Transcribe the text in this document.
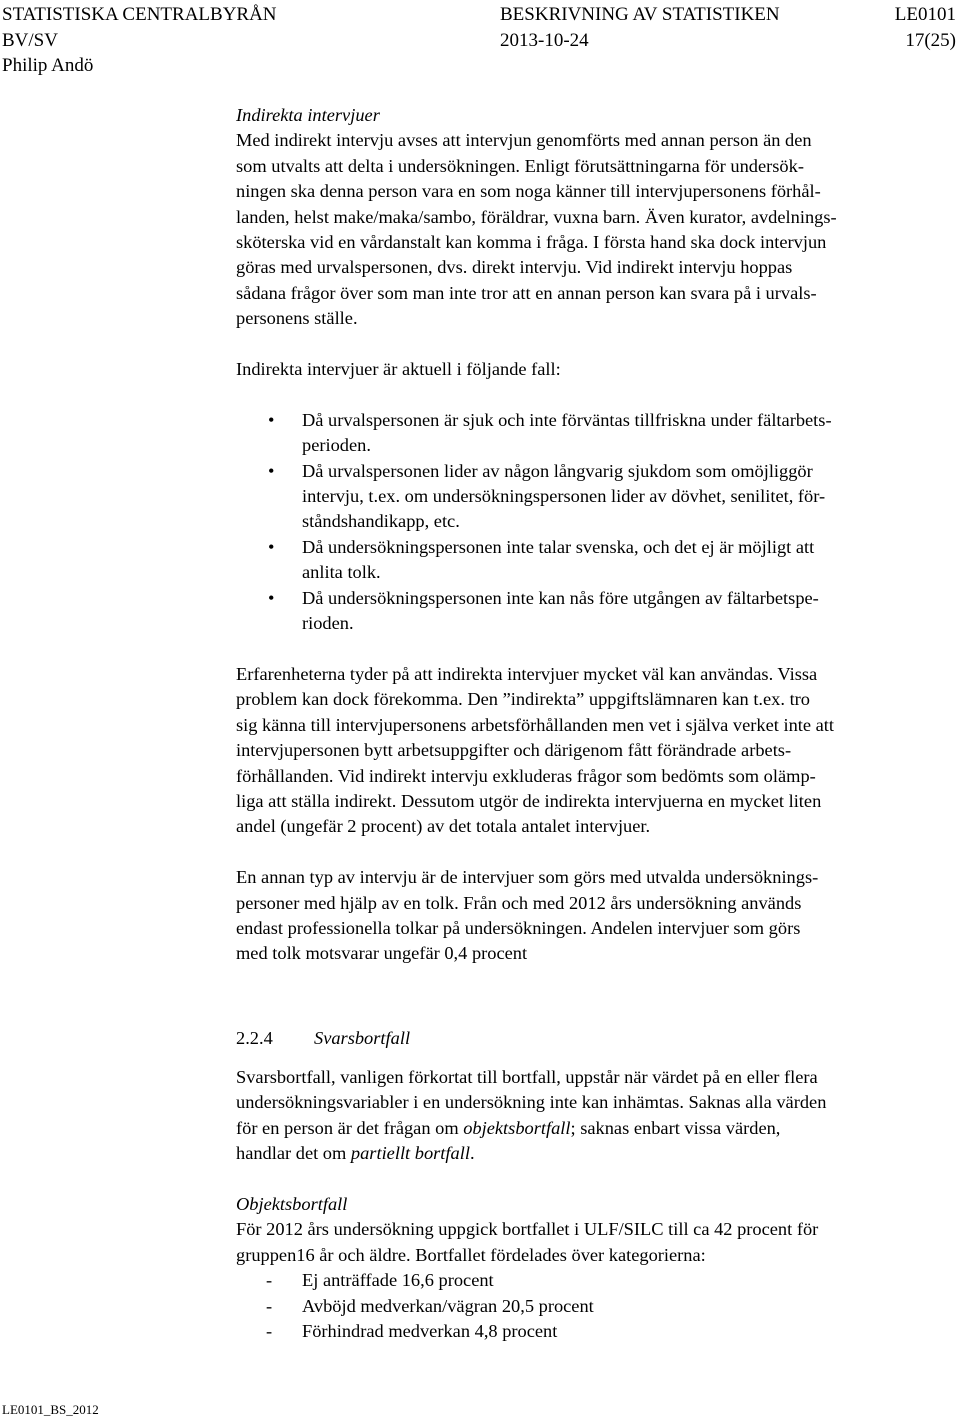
STATISTISKA CENTRALBYRÅN	BESKRIVNING AV STATISTIKEN	LE0101
BV/SV	2013-10-24	17(25)
Philip Andö

Indirekta intervjuer

Med indirekt intervju avses att intervjun genomförts med annan person än den

som utvalts att delta i undersökningen. Enligt förutsättningarna för undersök-

ningen ska denna person vara en som noga känner till intervjupersonens förhål-

landen, helst make/maka/sambo, föräldrar, vuxna barn. Även kurator, avdelnings-

sköterska vid en vårdanstalt kan komma i fråga. I första hand ska dock intervjun

göras med urvalspersonen, dvs. direkt intervju. Vid indirekt intervju hoppas

sådana frågor över som man inte tror att en annan person kan svara på i urvals-

personens ställe.

Indirekta intervjuer är aktuell i följande fall:

• Då urvalspersonen är sjuk och inte förväntas tillfriskna under fältarbets-

perioden.

• Då urvalspersonen lider av någon långvarig sjukdom som omöjliggör

intervju, t.ex. om undersökningspersonen lider av dövhet, senilitet, för-

ståndshandikapp, etc.

• Då undersökningspersonen inte talar svenska, och det ej är möjligt att

anlita tolk.

• Då undersökningspersonen inte kan nås före utgången av fältarbetspe-

rioden.

Erfarenheterna tyder på att indirekta intervjuer mycket väl kan användas. Vissa

problem kan dock förekomma. Den ”indirekta” uppgiftslämnaren kan t.ex. tro

sig känna till intervjupersonens arbetsförhållanden men vet i själva verket inte att

intervjupersonen bytt arbetsuppgifter och därigenom fått förändrade arbets-

förhållanden. Vid indirekt intervju exkluderas frågor som bedömts som olämp-

liga att ställa indirekt. Dessutom utgör de indirekta intervjuerna en mycket liten

andel (ungefär 2 procent) av det totala antalet intervjuer.

En annan typ av intervju är de intervjuer som görs med utvalda undersöknings-

personer med hjälp av en tolk. Från och med 2012 års undersökning används

endast professionella tolkar på undersökningen. Andelen intervjuer som görs

med tolk motsvarar ungefär 0,4 procent

2.2.4 Svarsbortfall

Svarsbortfall, vanligen förkortat till bortfall, uppstår när värdet på en eller flera

undersökningsvariabler i en undersökning inte kan inhämtas. Saknas alla värden

för en person är det frågan om objektsbortfall; saknas enbart vissa värden,

handlar det om partiellt bortfall.

Objektsbortfall

För 2012 års undersökning uppgick bortfallet i ULF/SILC till ca 42 procent för

gruppen16 år och äldre. Bortfallet fördelades över kategorierna:

- Ej anträffade 16,6 procent

- Avböjd medverkan/vägran 20,5 procent

- Förhindrad medverkan 4,8 procent

LE0101_BS_2012
